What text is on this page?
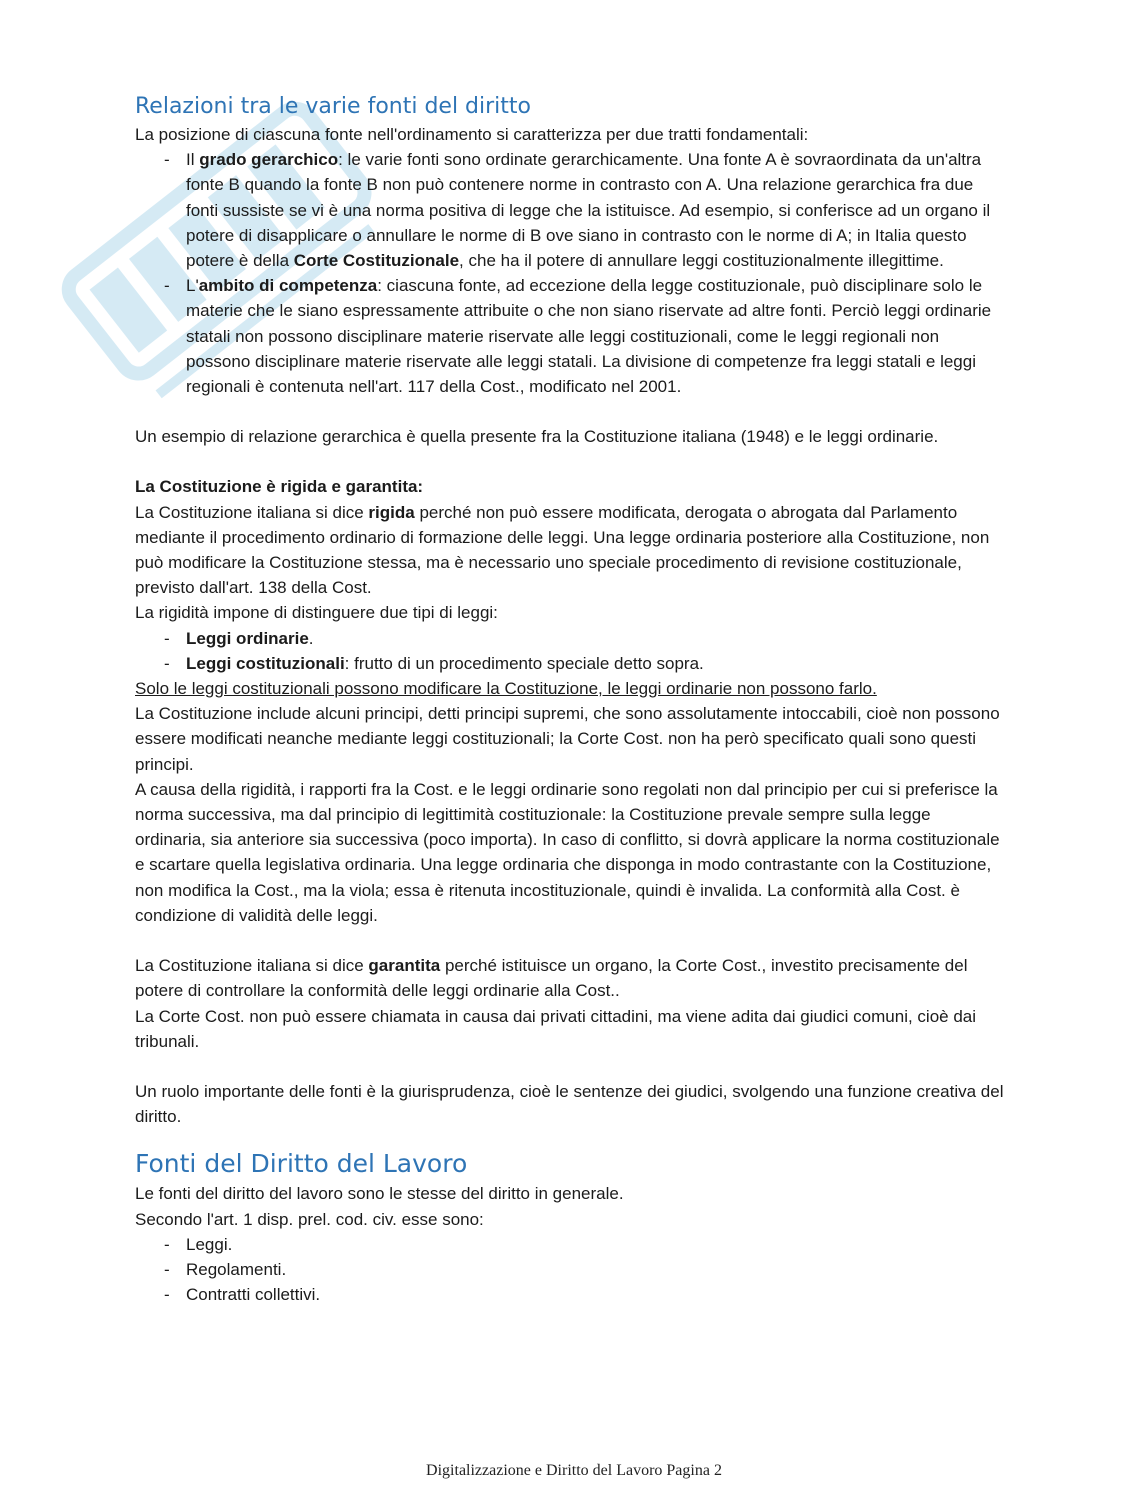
Relazioni tra le varie fonti del diritto

La posizione di ciascuna fonte nell'ordinamento si caratterizza per due tratti fondamentali:

- Il grado gerarchico: le varie fonti sono ordinate gerarchicamente. Una fonte A è sovraordinata da un'altra fonte B quando la fonte B non può contenere norme in contrasto con A. Una relazione gerarchica fra due fonti sussiste se vi è una norma positiva di legge che la istituisce. Ad esempio, si conferisce ad un organo il potere di disapplicare o annullare le norme di B ove siano in contrasto con le norme di A; in Italia questo potere è della Corte Costituzionale, che ha il potere di annullare leggi costituzionalmente illegittime.
- L'ambito di competenza: ciascuna fonte, ad eccezione della legge costituzionale, può disciplinare solo le materie che le siano espressamente attribuite o che non siano riservate ad altre fonti. Perciò leggi ordinarie statali non possono disciplinare materie riservate alle leggi costituzionali, come le leggi regionali non possono disciplinare materie riservate alle leggi statali. La divisione di competenze fra leggi statali e leggi regionali è contenuta nell'art. 117 della Cost., modificato nel 2001.

Un esempio di relazione gerarchica è quella presente fra la Costituzione italiana (1948) e le leggi ordinarie.

La Costituzione è rigida e garantita:

La Costituzione italiana si dice rigida perché non può essere modificata, derogata o abrogata dal Parlamento mediante il procedimento ordinario di formazione delle leggi. Una legge ordinaria posteriore alla Costituzione, non può modificare la Costituzione stessa, ma è necessario uno speciale procedimento di revisione costituzionale, previsto dall'art. 138 della Cost.

La rigidità impone di distinguere due tipi di leggi:

- Leggi ordinarie.
- Leggi costituzionali: frutto di un procedimento speciale detto sopra.

Solo le leggi costituzionali possono modificare la Costituzione, le leggi ordinarie non possono farlo.

La Costituzione include alcuni principi, detti principi supremi, che sono assolutamente intoccabili, cioè non possono essere modificati neanche mediante leggi costituzionali; la Corte Cost. non ha però specificato quali sono questi principi.

A causa della rigidità, i rapporti fra la Cost. e le leggi ordinarie sono regolati non dal principio per cui si preferisce la norma successiva, ma dal principio di legittimità costituzionale: la Costituzione prevale sempre sulla legge ordinaria, sia anteriore sia successiva (poco importa). In caso di conflitto, si dovrà applicare la norma costituzionale e scartare quella legislativa ordinaria. Una legge ordinaria che disponga in modo contrastante con la Costituzione, non modifica la Cost., ma la viola; essa è ritenuta incostituzionale, quindi è invalida. La conformità alla Cost. è condizione di validità delle leggi.

La Costituzione italiana si dice garantita perché istituisce un organo, la Corte Cost., investito precisamente del potere di controllare la conformità delle leggi ordinarie alla Cost..

La Corte Cost. non può essere chiamata in causa dai privati cittadini, ma viene adita dai giudici comuni, cioè dai tribunali.

Un ruolo importante delle fonti è la giurisprudenza, cioè le sentenze dei giudici, svolgendo una funzione creativa del diritto.

Fonti del Diritto del Lavoro

Le fonti del diritto del lavoro sono le stesse del diritto in generale.

Secondo l'art. 1 disp. prel. cod. civ. esse sono:

- Leggi.
- Regolamenti.
- Contratti collettivi.
Digitalizzazione e Diritto del Lavoro Pagina 2
